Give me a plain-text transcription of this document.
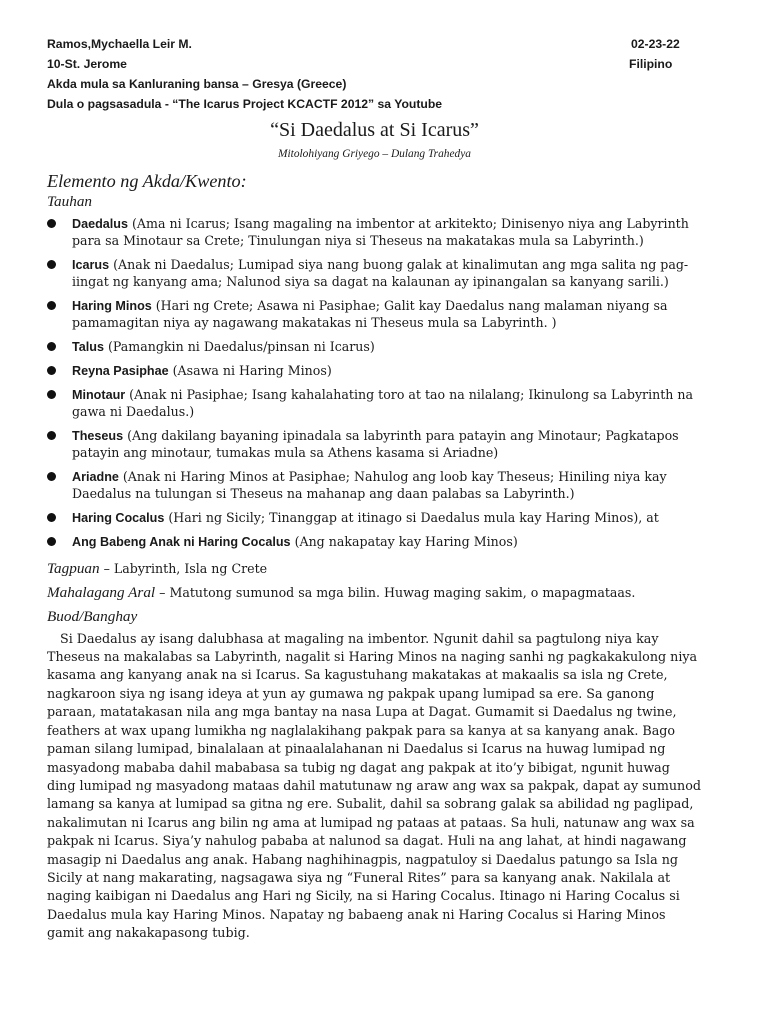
Ramos,Mychaella Leir M.	02-23-22
10-St. Jerome	Filipino
Akda mula sa Kanluraning bansa – Gresya (Greece)
Dula o pagsasadula - “The Icarus Project KCACTF 2012” sa Youtube
“Si Daedalus at Si Icarus”
Mitolohiyang Griyego – Dulang Trahedya
Elemento ng Akda/Kwento:
Tauhan
Daedalus (Ama ni Icarus; Isang magaling na imbentor at arkitekto; Dinisenyo niya ang Labyrinth para sa Minotaur sa Crete; Tinulungan niya si Theseus na makatakas mula sa Labyrinth.)
Icarus (Anak ni Daedalus; Lumipad siya nang buong galak at kinalimutan ang mga salita ng pag-iingat ng kanyang ama; Nalunod siya sa dagat na kalaunan ay ipinangalan sa kanyang sarili.)
Haring Minos (Hari ng Crete; Asawa ni Pasiphae; Galit kay Daedalus nang malaman niyang sa pamamagitan niya ay nagawang makatakas ni Theseus mula sa Labyrinth. )
Talus (Pamangkin ni Daedalus/pinsan ni Icarus)
Reyna Pasiphae (Asawa ni Haring Minos)
Minotaur (Anak ni Pasiphae; Isang kahalahating toro at tao na nilalang; Ikinulong sa Labyrinth na gawa ni Daedalus.)
Theseus (Ang dakilang bayaning ipinadala sa labyrinth para patayin ang Minotaur; Pagkatapos patayin ang minotaur, tumakas mula sa Athens kasama si Ariadne)
Ariadne (Anak ni Haring Minos at Pasiphae; Nahulog ang loob kay Theseus; Hiniling niya kay Daedalus na tulungan si Theseus na mahanap ang daan palabas sa Labyrinth.)
Haring Cocalus (Hari ng Sicily; Tinanggap at itinago si Daedalus mula kay Haring Minos), at
Ang Babeng Anak ni Haring Cocalus (Ang nakapatay kay Haring Minos)
Tagpuan – Labyrinth, Isla ng Crete
Mahalagang Aral – Matutong sumunod sa mga bilin. Huwag maging sakim, o mapagmataas.
Buod/Banghay
Si Daedalus ay isang dalubhasa at magaling na imbentor. Ngunit dahil sa pagtulong niya kay Theseus na makalabas sa Labyrinth, nagalit si Haring Minos na naging sanhi ng pagkakakulong niya kasama ang kanyang anak na si Icarus. Sa kagustuhang makatakas at makaalis sa isla ng Crete, nagkaroon siya ng isang ideya at yun ay gumawa ng pakpak upang lumipad sa ere. Sa ganong paraan, matatakasan nila ang mga bantay na nasa Lupa at Dagat. Gumamit si Daedalus ng twine, feathers at wax upang lumikha ng naglalakihang pakpak para sa kanya at sa kanyang anak. Bago paman silang lumipad, binalalaan at pinaalalahanan ni Daedalus si Icarus na huwag lumipad ng masyadong mababa dahil mababasa sa tubig ng dagat ang pakpak at ito’y bibigat, ngunit huwag ding lumipad ng masyadong mataas dahil matutunaw ng araw ang wax sa pakpak, dapat ay sumunod lamang sa kanya at lumipad sa gitna ng ere. Subalit, dahil sa sobrang galak sa abilidad ng paglipad, nakalimutan ni Icarus ang bilin ng ama at lumipad ng pataas at pataas. Sa huli, natunaw ang wax sa pakpak ni Icarus. Siya’y nahulog pababa at nalunod sa dagat. Huli na ang lahat, at hindi nagawang masagip ni Daedalus ang anak. Habang naghihinagpis, nagpatuloy si Daedalus patungo sa Isla ng Sicily at nang makarating, nagsagawa siya ng “Funeral Rites” para sa kanyang anak. Nakilala at naging kaibigan ni Daedalus ang Hari ng Sicily, na si Haring Cocalus. Itinago ni Haring Cocalus si Daedalus mula kay Haring Minos. Napatay ng babaeng anak ni Haring Cocalus si Haring Minos gamit ang nakakapasong tubig.
